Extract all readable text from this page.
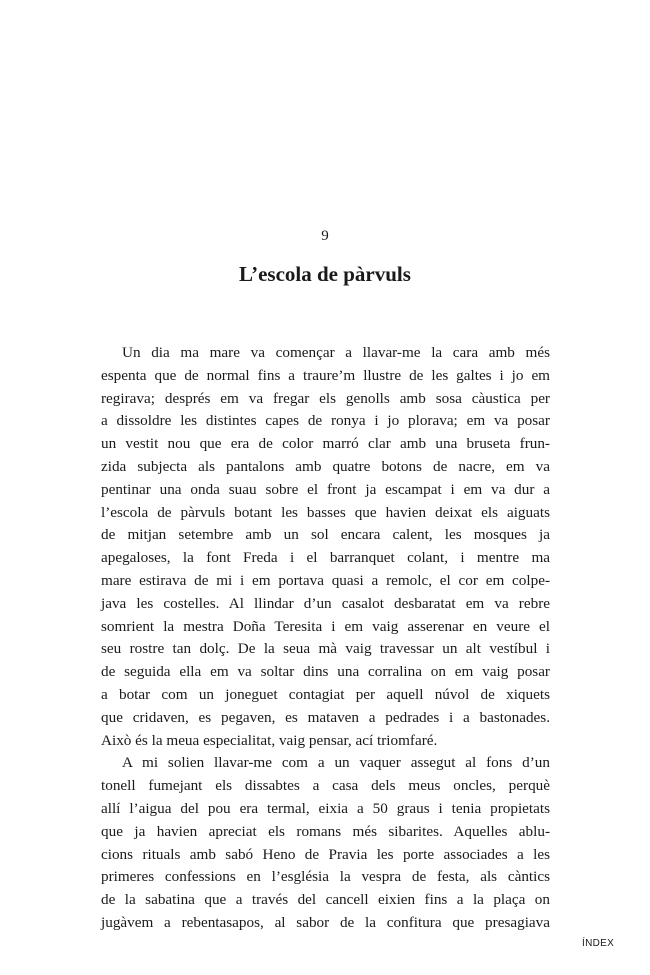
9
L’escola de pàrvuls
Un dia ma mare va començar a llavar-me la cara amb més
espenta que de normal fins a traure’m llustre de les galtes i jo em
regirava; després em va fregar els genolls amb sosa càustica per
a dissoldre les distintes capes de ronya i jo plorava; em va posar
un vestit nou que era de color marró clar amb una bruseta frun-
zida subjecta als pantalons amb quatre botons de nacre, em va
pentinar una onda suau sobre el front ja escampat i em va dur a
l’escola de pàrvuls botant les basses que havien deixat els aiguats
de mitjan setembre amb un sol encara calent, les mosques ja
apegaloses, la font Freda i el barranquet colant, i mentre ma
mare estirava de mi i em portava quasi a remolc, el cor em colpe-
java les costelles. Al llindar d’un casalot desbaratat em va rebre
somrient la mestra Doña Teresita i em vaig asserenar en veure el
seu rostre tan dolç. De la seua mà vaig travessar un alt vestíbul i
de seguida ella em va soltar dins una corralina on em vaig posar
a botar com un joneguet contagiat per aquell núvol de xiquets
que cridaven, es pegaven, es mataven a pedrades i a bastonades.
Això és la meua especialitat, vaig pensar, ací triomfaré.
A mi solien llavar-me com a un vaquer assegut al fons d’un
tonell fumejant els dissabtes a casa dels meus oncles, perquè
allí l’aigua del pou era termal, eixia a 50 graus i tenia propietats
que ja havien apreciat els romans més sibarites. Aquelles ablu-
cions rituals amb sabó Heno de Pravia les porte associades a les
primeres confessions en l’església la vespra de festa, als càntics
de la sabatina que a través del cancell eixien fins a la plaça on
jugàvem a rebentasapos, al sabor de la confitura que presagiava
ÍNDEX
